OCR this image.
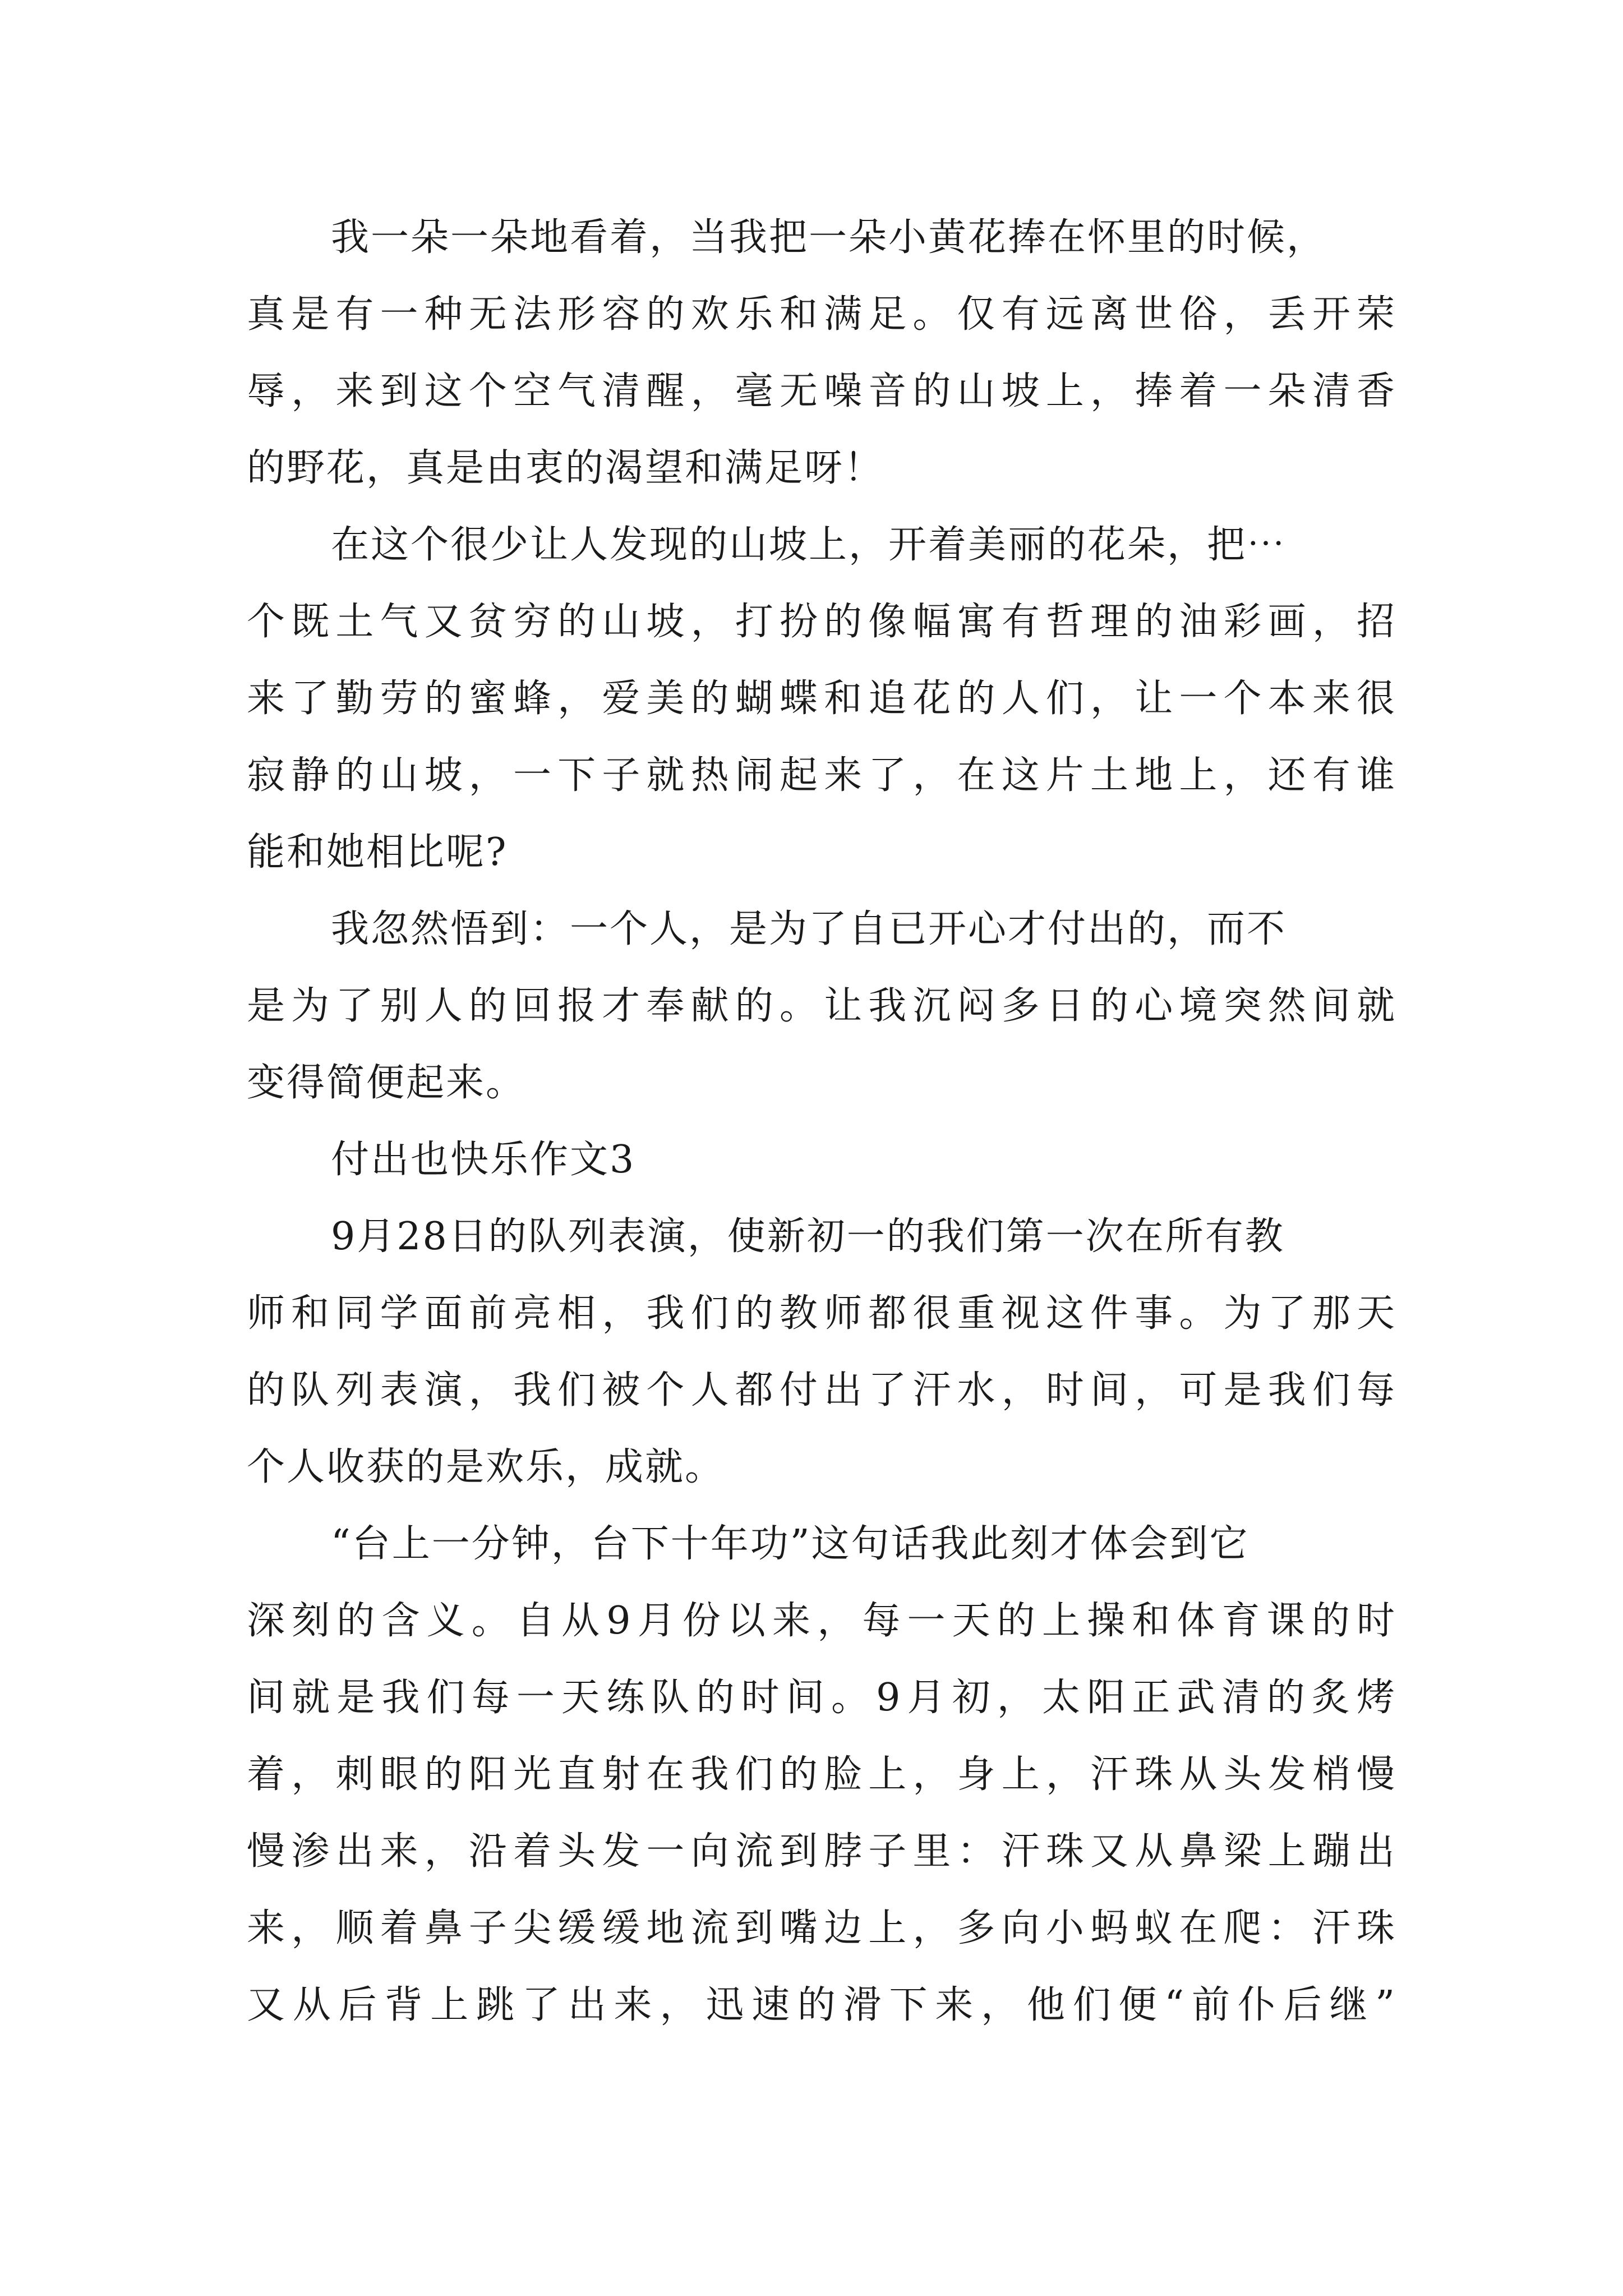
我一朵一朵地看着，当我把一朵小黄花捧在怀里的时候，
真是有一种无法形容的欢乐和满足。仅有远离世俗，丢开荣
辱，来到这个空气清醒，毫无噪音的山坡上，捧着一朵清香
的野花，真是由衷的渴望和满足呀！
在这个很少让人发现的山坡上，开着美丽的花朵，把⋯
个既土气又贫穷的山坡，打扮的像幅寓有哲理的油彩画，招
来了勤劳的蜜蜂，爱美的蝴蝶和追花的人们，让一个本来很
寂静的山坡，一下子就热闹起来了，在这片土地上，还有谁
能和她相比呢?
我忽然悟到：一个人，是为了自已开心才付出的，而不
是为了别人的回报才奉献的。让我沉闷多日的心境突然间就
变得简便起来。
付出也快乐作文3
9月28日的队列表演，使新初一的我们第一次在所有教
师和同学面前亮相，我们的教师都很重视这件事。为了那天
的队列表演，我们被个人都付出了汗水，时间，可是我们每
个人收获的是欢乐，成就。
“台上一分钟，台下十年功”这句话我此刻才体会到它
深刻的含义。自从9月份以来，每一天的上操和体育课的时
间就是我们每一天练队的时间。9月初，太阳正武清的炙烤
着，刺眼的阳光直射在我们的脸上，身上，汗珠从头发梢慢
慢渗出来，沿着头发一向流到脖子里：汗珠又从鼻梁上蹦出
来，顺着鼻子尖缓缓地流到嘴边上，多向小蚂蚁在爬：汗珠
又从后背上跳了出来，迅速的滑下来，他们便“前仆后继”
